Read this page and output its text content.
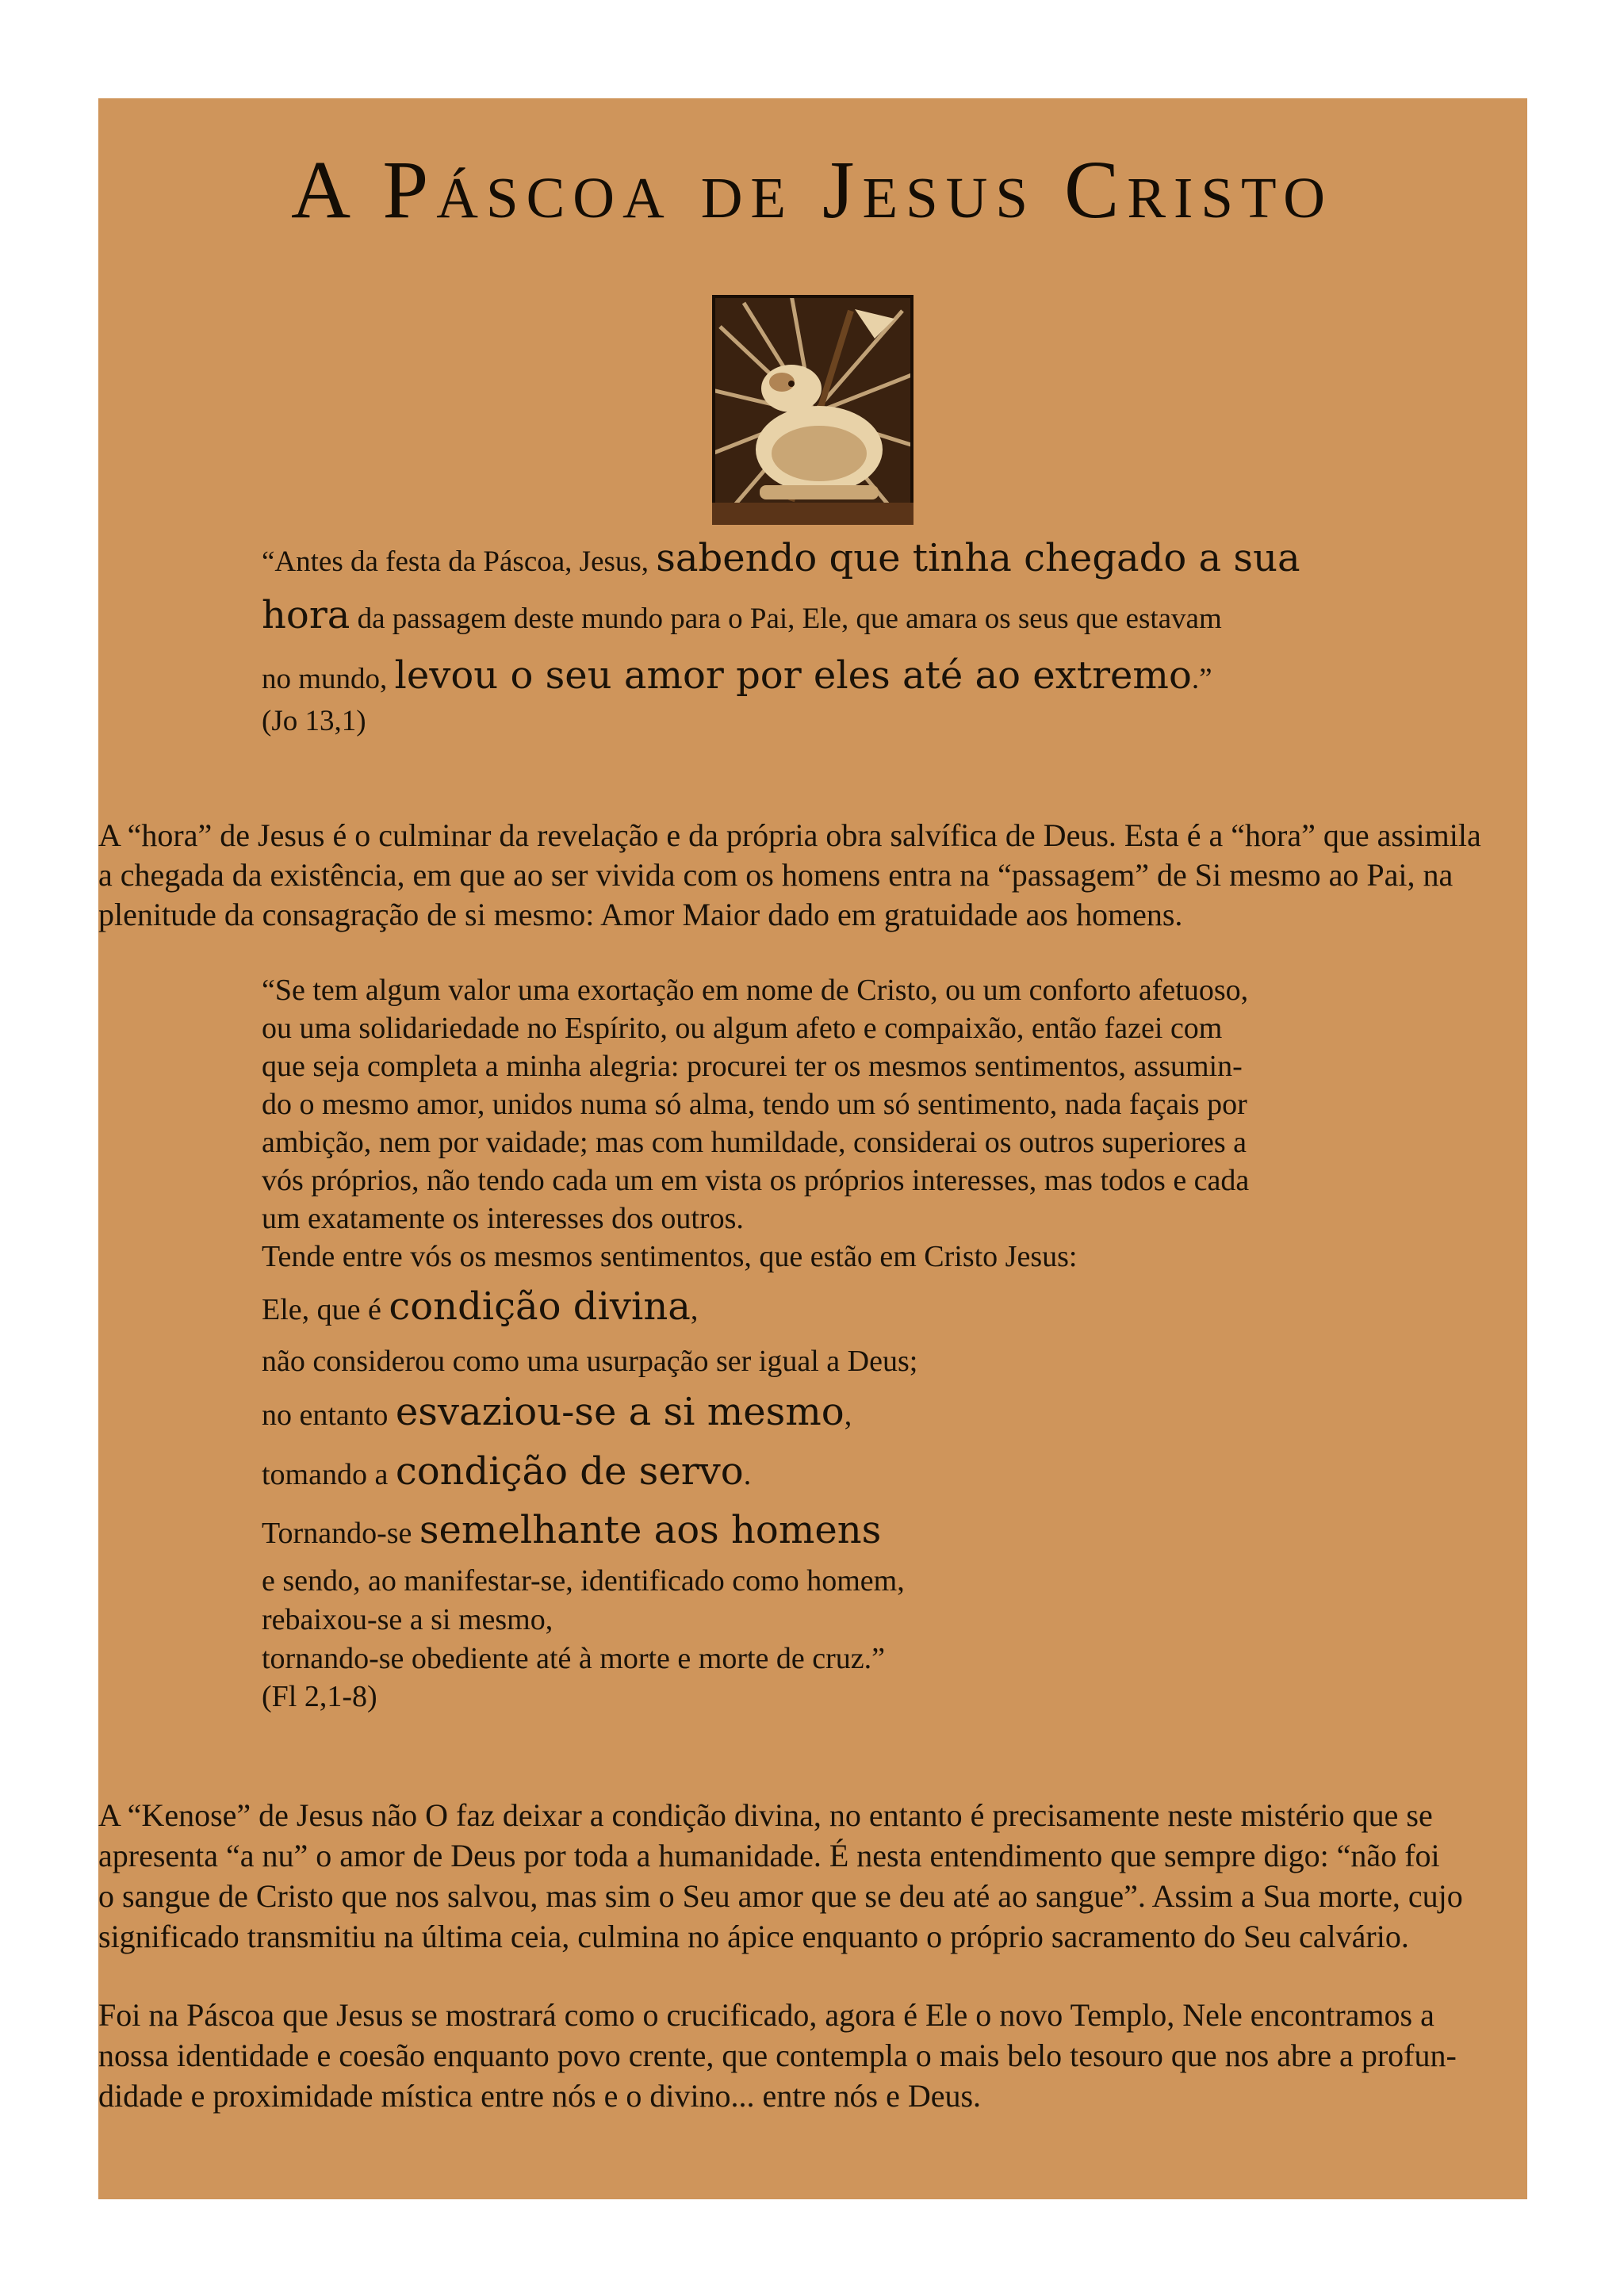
A Páscoa de Jesus Cristo
“Antes da festa da Páscoa, Jesus, sabendo que tinha chegado a sua
hora da passagem deste mundo para o Pai, Ele, que amara os seus que estavam
no mundo, levou o seu amor por eles até ao extremo.”
(Jo 13,1)
A “hora” de Jesus é o culminar da revelação e da própria obra salvífica de Deus. Esta é a “hora” que assimila
a chegada da existência, em que ao ser vivida com os homens entra na “passagem” de Si mesmo ao Pai, na
plenitude da consagração de si mesmo: Amor Maior dado em gratuidade aos homens.
“Se tem algum valor uma exortação em nome de Cristo, ou um conforto afetuoso,
ou uma solidariedade no Espírito, ou algum afeto e compaixão, então fazei com
que seja completa a minha alegria: procurei ter os mesmos sentimentos, assumin-
do o mesmo amor, unidos numa só alma, tendo um só sentimento, nada façais por
ambição, nem por vaidade; mas com humildade, considerai os outros superiores a
vós próprios, não tendo cada um em vista os próprios interesses, mas todos e cada
um exatamente os interesses dos outros.
Tende entre vós os mesmos sentimentos, que estão em Cristo Jesus:
Ele, que é condição divina,
não considerou como uma usurpação ser igual a Deus;
no entanto esvaziou-se a si mesmo,
tomando a condição de servo.
Tornando-se semelhante aos homens
e sendo, ao manifestar-se, identificado como homem,
rebaixou-se a si mesmo,
tornando-se obediente até à morte e morte de cruz.”
(Fl 2,1-8)
A “Kenose” de Jesus não O faz deixar a condição divina, no entanto é precisamente neste mistério que se
apresenta “a nu” o amor de Deus por toda a humanidade. É nesta entendimento que sempre digo: “não foi
o sangue de Cristo que nos salvou, mas sim o Seu amor que se deu até ao sangue”. Assim a Sua morte, cujo
significado transmitiu na última ceia, culmina no ápice enquanto o próprio sacramento do Seu calvário.
Foi na Páscoa que Jesus se mostrará como o crucificado, agora é Ele o novo Templo, Nele encontramos a
nossa identidade e coesão enquanto povo crente, que contempla o mais belo tesouro que nos abre a profun-
didade e proximidade mística entre nós e o divino... entre nós e Deus.
